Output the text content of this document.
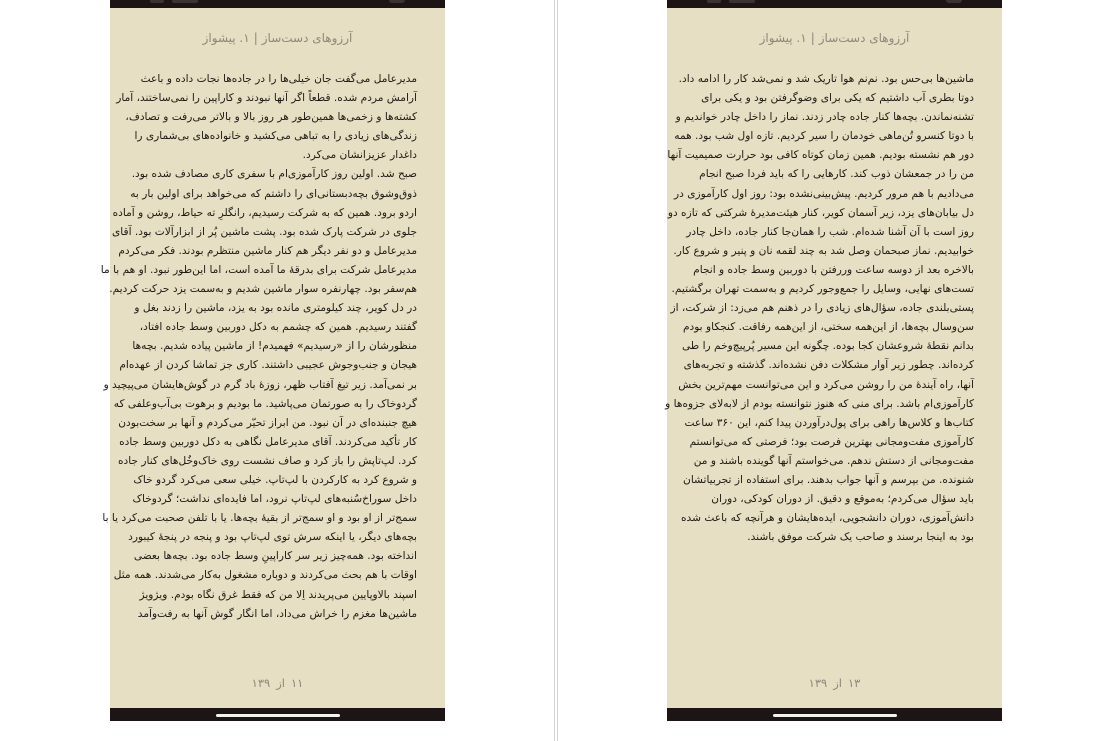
آرزوهای دست‌ساز|۱. پیشواز
مدیرعامل می‌گفت جان خیلی‌ها را در جاده‌ها نجات داده و باعث
آرامش مردم شده. قطعاً اگر آنها نبودند و کاراپین را نمی‌ساختند، آمار
کشته‌ها و زخمی‌ها همین‌طور هر روز بالا و بالاتر می‌رفت و تصادف،
زندگی‌های زیادی را به تباهی می‌کشید و خانواده‌های بی‌شماری را
داغدار عزیزانشان می‌کرد.
صبح شد. اولین روز کارآموزی‌ام با سفری کاری مصادف شده بود.
ذوق‌وشوق بچه‌دبستانی‌ای را داشتم که می‌خواهد برای اولین بار به
اردو برود. همین که به شرکت رسیدیم، رانگلرِ ته حیاط، روشن و آماده
جلوی در شرکت پارک شده بود. پشت ماشین پُر از ابزارآلات بود. آقای
مدیرعامل و دو نفر دیگر هم کنار ماشین منتظرم بودند. فکر می‌کردم
مدیرعامل شرکت برای بدرقهٔ ما آمده است، اما این‌طور نبود. او هم با ما
هم‌سفر بود. چهارنفره سوار ماشین شدیم و به‌سمت یزد حرکت کردیم.
در دل کویر، چند کیلومتری مانده بود به یزد، ماشین را زدند بغل و
گفتند رسیدیم. همین که چشمم به دکل دوربین وسط جاده افتاد،
منظورشان را از «رسیدیم» فهمیدم! از ماشین پیاده شدیم. بچه‌ها
هیجان و جنب‌وجوش عجیبی داشتند. کاری جز تماشا کردن از عهده‌ام
بر نمی‌آمد. زیر تیغ آفتاب ظهر، زوزهٔ باد گرم در گوش‌هایشان می‌پیچید و
گردوخاک را به صورتمان می‌پاشید. ما بودیم و برهوت بی‌آب‌وعلفی که
هیچ جنبنده‌ای در آن نبود. من ابراز تحیّر می‌کردم و آنها بر سخت‌بودن
کار تأکید می‌کردند. آقای مدیرعامل نگاهی به دکل دوربین وسط جاده
کرد. لپ‌تاپش را باز کرد و صاف نشست روی خاک‌وخُل‌های کنار جاده
و شروع کرد به کارکردن با لپ‌تاپ. خیلی سعی می‌کرد گردو خاک
داخل سوراخ‌سُنبه‌های لپ‌تاپ نرود، اما فایده‌ای نداشت؛ گردوخاک
سمج‌تر از او بود و او سمج‌تر از بقیهٔ بچه‌ها. یا با تلفن صحبت می‌کرد یا با
بچه‌های دیگر، یا اینکه سرش توی لپ‌تاپ بود و پنجه در پنجهٔ کیبورد
انداخته بود. همه‌چیز زیر سر کاراپینِ وسط جاده بود. بچه‌ها بعضی
اوقات با هم بحث می‌کردند و دوباره مشغول به‌کار می‌شدند. همه مثل
اسپند بالاوپایین می‌پریدند اِلا من که فقط غرق نگاه بودم. ویژویژ
ماشین‌ها مغزم را خراش می‌داد، اما انگار گوش آنها به رفت‌وآمد
۱۱از۱۳۹
آرزوهای دست‌ساز|۱. پیشواز
ماشین‌ها بی‌حس بود. نم‌نم هوا تاریک شد و نمی‌شد کار را ادامه داد.
دوتا بطری آب داشتیم که یکی برای وضوگرفتن بود و یکی برای
تشنه‌نماندن. بچه‌ها کنار جاده چادر زدند. نماز را داخل چادر خواندیم و
با دوتا کنسرو تُن‌ماهی خودمان را سیر کردیم. تازه اول شب بود. همه
دور هم نشسته بودیم. همین زمان کوتاه کافی بود حرارت صمیمیت آنها
من را در جمعشان ذوب کند. کارهایی را که باید فردا صبح انجام
می‌دادیم با هم مرور کردیم. پیش‌بینی‌نشده بود: روز اول کارآموزی در
دل بیابان‌های یزد، زیر آسمان کویر، کنار هیئت‌مدیرهٔ شرکتی که تازه دو
روز است با آن آشنا شده‌ام. شب را همان‌جا کنار جاده، داخل چادر
خوابیدیم. نماز صبحمان وصل شد به چند لقمه نان و پنیر و شروع کار.
بالاخره بعد از دوسه ساعت وررفتن با دوربین وسط جاده و انجام
تست‌های نهایی، وسایل را جمع‌وجور کردیم و به‌سمت تهران برگشتیم.
پستی‌بلندی جاده، سؤال‌های زیادی را در ذهنم هم می‌زد: از شرکت، از
سن‌وسال بچه‌ها، از این‌همه سختی، از این‌همه رفاقت. کنجکاو بودم
بدانم نقطهٔ شروعشان کجا بوده. چگونه این مسیر پُرپیچ‌وخم را طی
کرده‌اند. چطور زیر آوار مشکلات دفن نشده‌اند. گذشته و تجربه‌های
آنها، راه آیندهٔ من را روشن می‌کرد و این می‌توانست مهم‌ترین بخش
کارآموزی‌ام باشد. برای منی که هنوز نتوانسته بودم از لابه‌لای جزوه‌ها و
کتاب‌ها و کلاس‌ها راهی برای پول‌درآوردن پیدا کنم، این ۳۶۰ ساعت
کارآموزی مفت‌ومجانی بهترین فرصت بود؛ فرصتی که می‌توانستم
مفت‌ومجانی از دستش ندهم. می‌خواستم آنها گوینده باشند و من
شنونده. من بپرسم و آنها جواب بدهند. برای استفاده از تجربیاتشان
باید سؤال می‌کردم؛ به‌موقع و دقیق. از دوران کودکی، دوران
دانش‌آموزی، دوران دانشجویی، ایده‌هایشان و هرآنچه که باعث شده
بود به اینجا برسند و صاحب یک شرکت موفق باشند.
۱۳از۱۳۹
